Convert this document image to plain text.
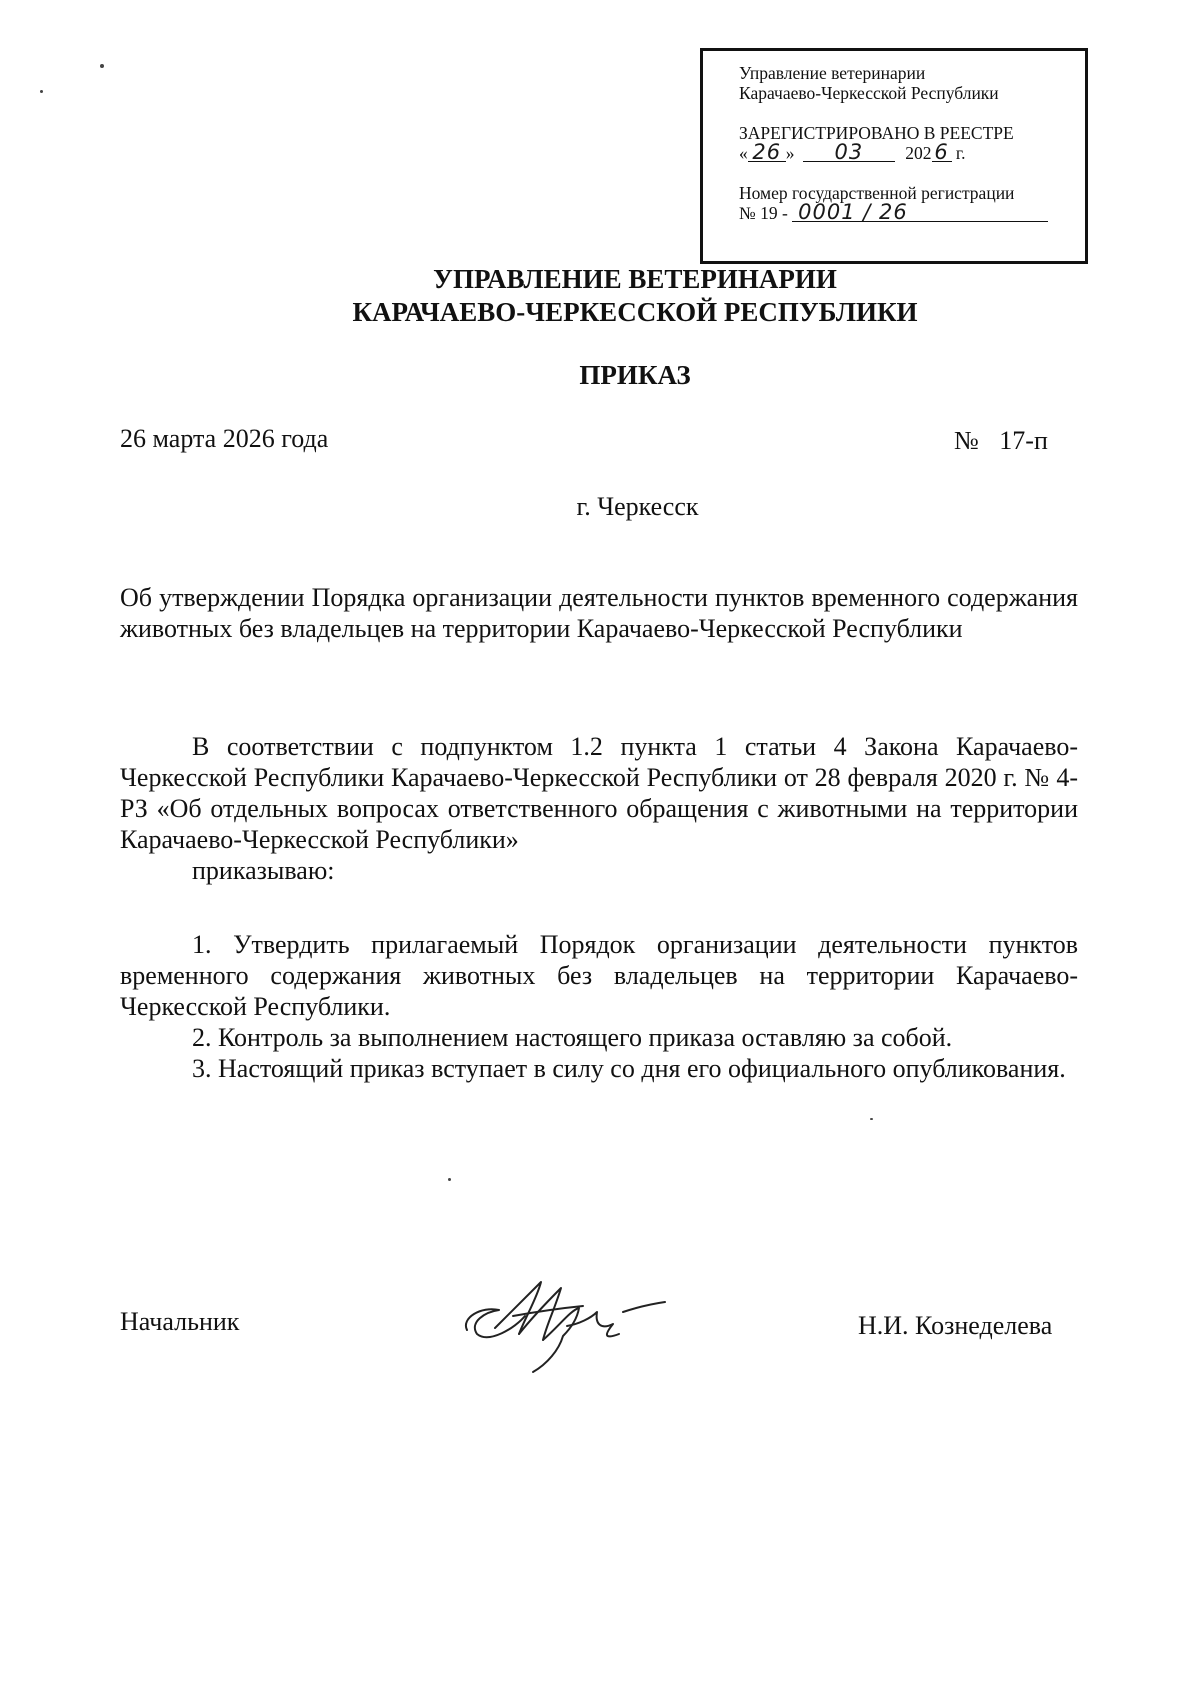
Управление ветеринарии
Карачаево-Черкесской Республики
ЗАРЕГИСТРИРОВАНО В РЕЕСТРЕ
« 26 » 03 202 6 г.
Номер государственной регистрации
№ 19 - 0001 / 26
УПРАВЛЕНИЕ ВЕТЕРИНАРИИ
КАРАЧАЕВО-ЧЕРКЕССКОЙ РЕСПУБЛИКИ
ПРИКАЗ
26 марта 2026 года	№ 17-п
г. Черкесск
Об утверждении Порядка организации деятельности пунктов временного содержания животных без владельцев на территории Карачаево-Черкесской Республики
В соответствии с подпунктом 1.2 пункта 1 статьи 4 Закона Карачаево-Черкесской Республики Карачаево-Черкесской Республики от 28 февраля 2020 г. № 4-РЗ «Об отдельных вопросах ответственного обращения с животными на территории Карачаево-Черкесской Республики»
приказываю:
1. Утвердить прилагаемый Порядок организации деятельности пунктов временного содержания животных без владельцев на территории Карачаево-Черкесской Республики.
2. Контроль за выполнением настоящего приказа оставляю за собой.
3. Настоящий приказ вступает в силу со дня его официального опубликования.
Начальник	Н.И. Кознеделева
